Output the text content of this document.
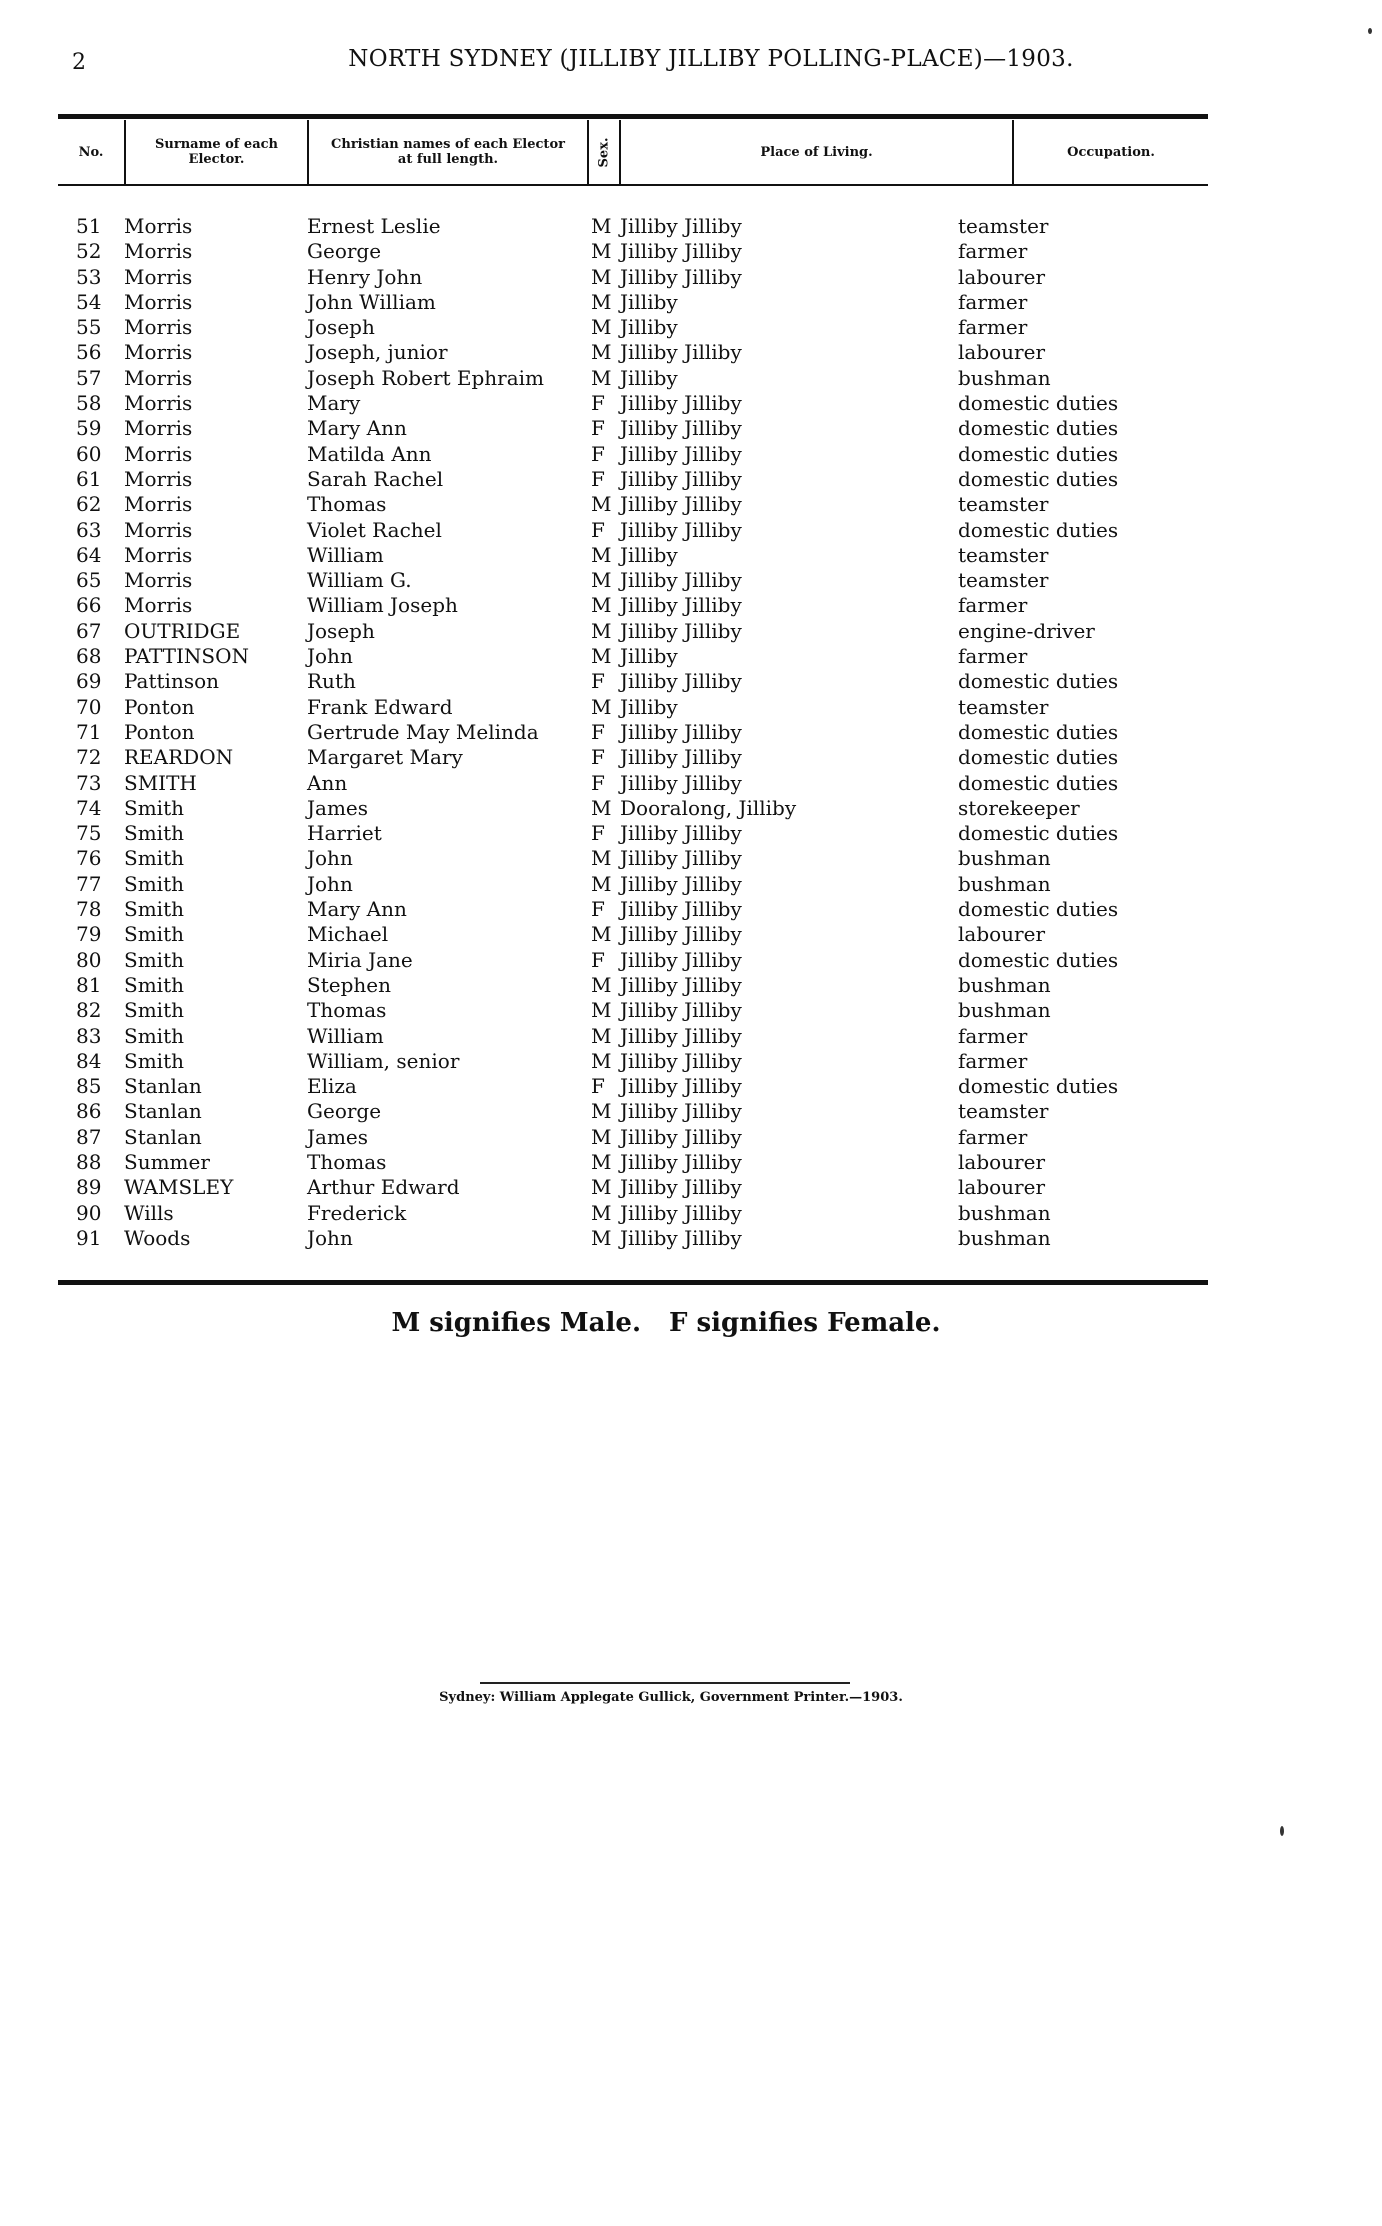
2	NORTH SYDNEY (JILLIBY JILLIBY POLLING-PLACE)—1903.
No.	Surname of each Elector.
Christian names of each Elector at full length.	Sex.	Place of Living.	Occupation.
51 Morris	Ernest Leslie	M Jilliby Jilliby	teamster
52 Morris	George	M Jilliby Jilliby	farmer
53 Morris	Henry John	M Jilliby Jilliby	labourer
54 Morris	John William	M Jilliby	farmer
55 Morris	Joseph	M Jilliby	farmer
56 Morris	Joseph, junior	M Jilliby Jilliby	labourer
57 Morris	Joseph Robert Ephraim M Jilliby	bushman
58 Morris	Mary	F Jilliby Jilliby	domestic duties
59 Morris	Mary Ann	F Jilliby Jilliby	domestic duties
60 Morris	Matilda Ann	F Jilliby Jilliby	domestic duties
61 Morris	Sarah Rachel	F Jilliby Jilliby	domestic duties
62 Morris	Thomas	M Jilliby Jilliby	teamster
63 Morris	Violet Rachel	F Jilliby Jilliby	domestic duties
64 Morris	William	M Jilliby	teamster
65 Morris	William G.	M Jilliby Jilliby	teamster
66 Morris	William Joseph	M Jilliby Jilliby	farmer
67 OUTRIDGE	Joseph	M Jilliby Jilliby	engine-driver
68 PATTINSON	John	M Jilliby	farmer
69 Pattinson	Ruth	F Jilliby Jilliby	domestic duties
70 Ponton	Frank Edward	M Jilliby	teamster
71 Ponton	Gertrude May Melinda	F Jilliby Jilliby	domestic duties
72 REARDON	Margaret Mary	F Jilliby Jilliby	domestic duties
73 SMITH	Ann	F Jilliby Jilliby	domestic duties
74 Smith	James	M Dooralong, Jilliby	storekeeper
75 Smith	Harriet	F Jilliby Jilliby	domestic duties
76 Smith	John	M Jilliby Jilliby	bushman
77 Smith	John	M Jilliby Jilliby	bushman
78 Smith	Mary Ann	F Jilliby Jilliby	domestic duties
79 Smith	Michael	M Jilliby Jilliby	labourer
80 Smith	Miria Jane	F Jilliby Jilliby	domestic duties
81 Smith	Stephen	M Jilliby Jilliby	bushman
82 Smith	Thomas	M Jilliby Jilliby	bushman
83 Smith	William	M Jilliby Jilliby	farmer
84 Smith	William, senior	M Jilliby Jilliby	farmer
85 Stanlan	Eliza	F Jilliby Jilliby	domestic duties
86 Stanlan	George	M Jilliby Jilliby	teamster
87 Stanlan	James	M Jilliby Jilliby	farmer
88 Summer	Thomas	M Jilliby Jilliby	labourer
89 WAMSLEY	Arthur Edward	M Jilliby Jilliby	labourer
90 Wills	Frederick	M Jilliby Jilliby	bushman
91 Woods	John	M Jilliby Jilliby	bushman
M signifies Male. F signifies Female.
Sydney: William Applegate Gullick, Government Printer.—1903.
